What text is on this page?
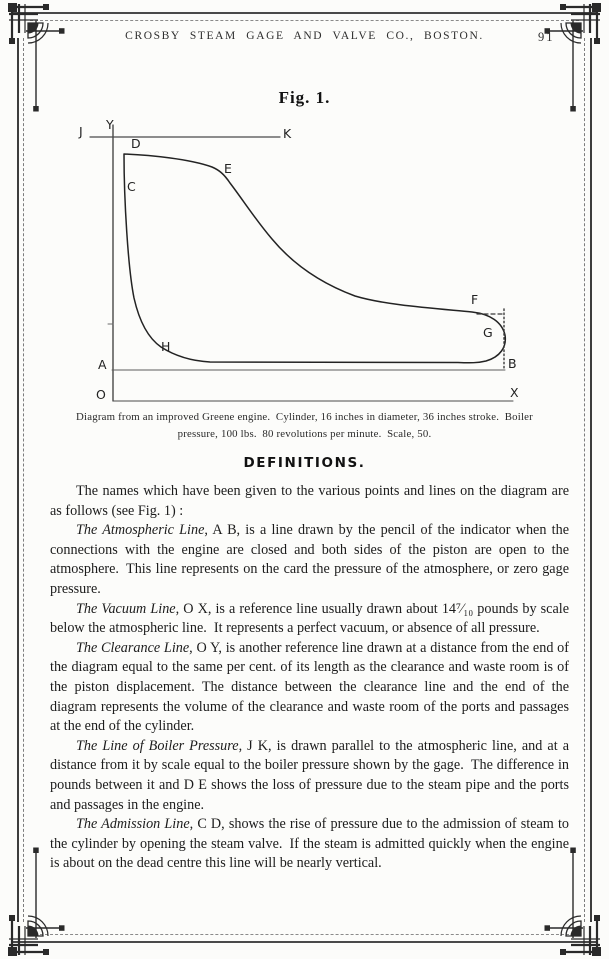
CROSBY STEAM GAGE AND VALVE CO., BOSTON.	91
Fig. 1.
J Y
K
D
C
E
F
G
H
A	B
O	X
Diagram from an improved Greene engine. Cylinder, 16 inches in diameter, 36 inches stroke. Boiler
pressure, 100 lbs. 80 revolutions per minute. Scale, 50.
DEFINITIONS.

The names which have been given to the various points and lines on the diagram are as follows (see Fig. 1) :

The Atmospheric Line, A B, is a line drawn by the pencil of the indicator when the connections with the engine are closed and both sides of the piston are open to the atmosphere. This line represents on the card the pressure of the atmosphere, or zero gage pressure.

The Vacuum Line, O X, is a reference line usually drawn about 14⁷⁄₁₀ pounds by scale below the atmospheric line. It represents a perfect vacuum, or absence of all pressure.

The Clearance Line, O Y, is another reference line drawn at a distance from the end of the diagram equal to the same per cent. of its length as the clearance and waste room is of the piston displacement. The distance between the clearance line and the end of the diagram represents the volume of the clearance and waste room of the ports and passages at the end of the cylinder.

The Line of Boiler Pressure, J K, is drawn parallel to the atmospheric line, and at a distance from it by scale equal to the boiler pressure shown by the gage. The difference in pounds between it and D E shows the loss of pressure due to the steam pipe and the ports and passages in the engine.

The Admission Line, C D, shows the rise of pressure due to the admission of steam to the cylinder by opening the steam valve. If the steam is admitted quickly when the engine is about on the dead centre this line will be nearly vertical.
